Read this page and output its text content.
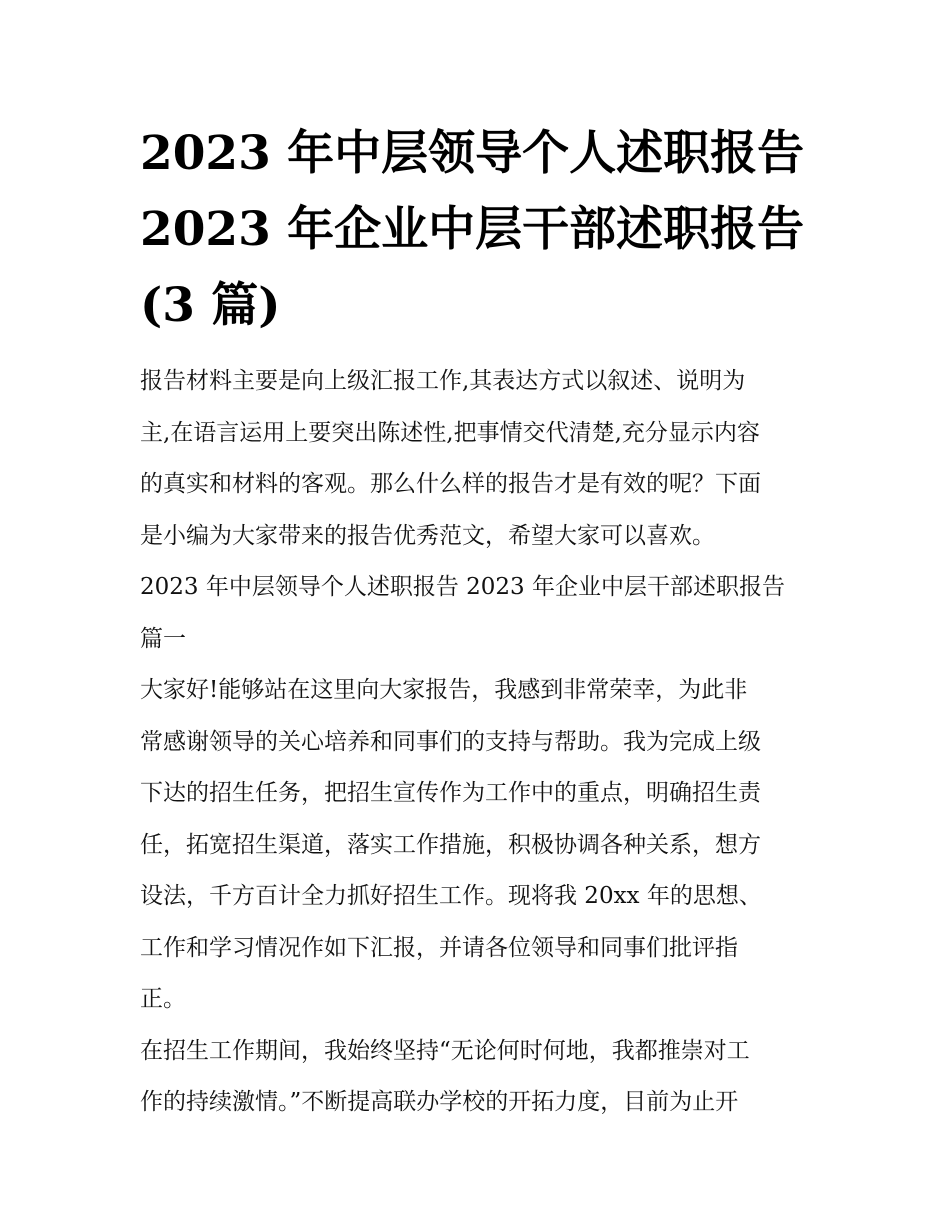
2023 年中层领导个人述职报告
2023 年企业中层干部述职报告
(3 篇)

报告材料主要是向上级汇报工作,其表达方式以叙述、说明为
主,在语言运用上要突出陈述性,把事情交代清楚,充分显示内容
的真实和材料的客观。那么什么样的报告才是有效的呢？下面
是小编为大家带来的报告优秀范文，希望大家可以喜欢。

2023 年中层领导个人述职报告 2023 年企业中层干部述职报告
篇一

大家好!能够站在这里向大家报告，我感到非常荣幸，为此非
常感谢领导的关心培养和同事们的支持与帮助。我为完成上级
下达的招生任务，把招生宣传作为工作中的重点，明确招生责
任，拓宽招生渠道，落实工作措施，积极协调各种关系，想方
设法，千方百计全力抓好招生工作。现将我 20xx 年的思想、
工作和学习情况作如下汇报，并请各位领导和同事们批评指
正。

在招生工作期间，我始终坚持“无论何时何地，我都推崇对工
作的持续激情。”不断提高联办学校的开拓力度，目前为止开
